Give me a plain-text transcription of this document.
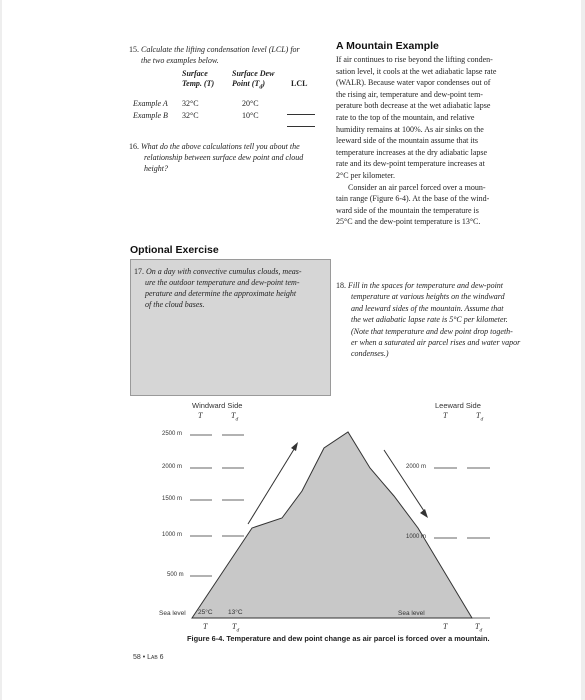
15. Calculate the lifting condensation level (LCL) for

the two examples below.

Surface
Temp. (T)
Surface Dew
Point $(T_d)$	LCL
Example A 32°C	20°C
Example B 32°C	10°C

16. What do the above calculations tell you about the

relationship between surface dew point and cloud

height?

Optional Exercise

17. On a day with convective cumulus clouds, meas-

ure the outdoor temperature and dew-point tem-

perature and determine the approximate height

of the cloud bases.

A Mountain Example

If air continues to rise beyond the lifting conden-

sation level, it cools at the wet adiabatic lapse rate

(WALR). Because water vapor condenses out of

the rising air, temperature and dew-point tem-

perature both decrease at the wet adiabatic lapse

rate to the top of the mountain, and relative

humidity remains at 100%. As air sinks on the

leeward side of the mountain assume that its

temperature increases at the dry adiabatic lapse

rate and its dew-point temperature increases at

2°C per kilometer.

Consider an air parcel forced over a moun-

tain range (Figure 6-4). At the base of the wind-

ward side of the mountain the temperature is

25°C and the dew-point temperature is 13°C.

18. Fill in the spaces for temperature and dew-point

temperature at various heights on the windward

and leeward sides of the mountain. Assume that

the wet adiabatic lapse rate is 5°C per kilometer.

(Note that temperature and dew point drop togeth-

er when a saturated air parcel rises and water vapor

condenses.)

Windward Side
T	$T_d$
Leeward Side
T	$T_d$
2500 m
2000 m
1500 m
1000 m
500 m
2000 m
1000 m
Sea level	Sea level
25°C 13°C
T	$T_d$	T	$T_d$
Figure 6-4. Temperature and dew point change as air parcel is forced over a mountain.
58 • Lab 6
